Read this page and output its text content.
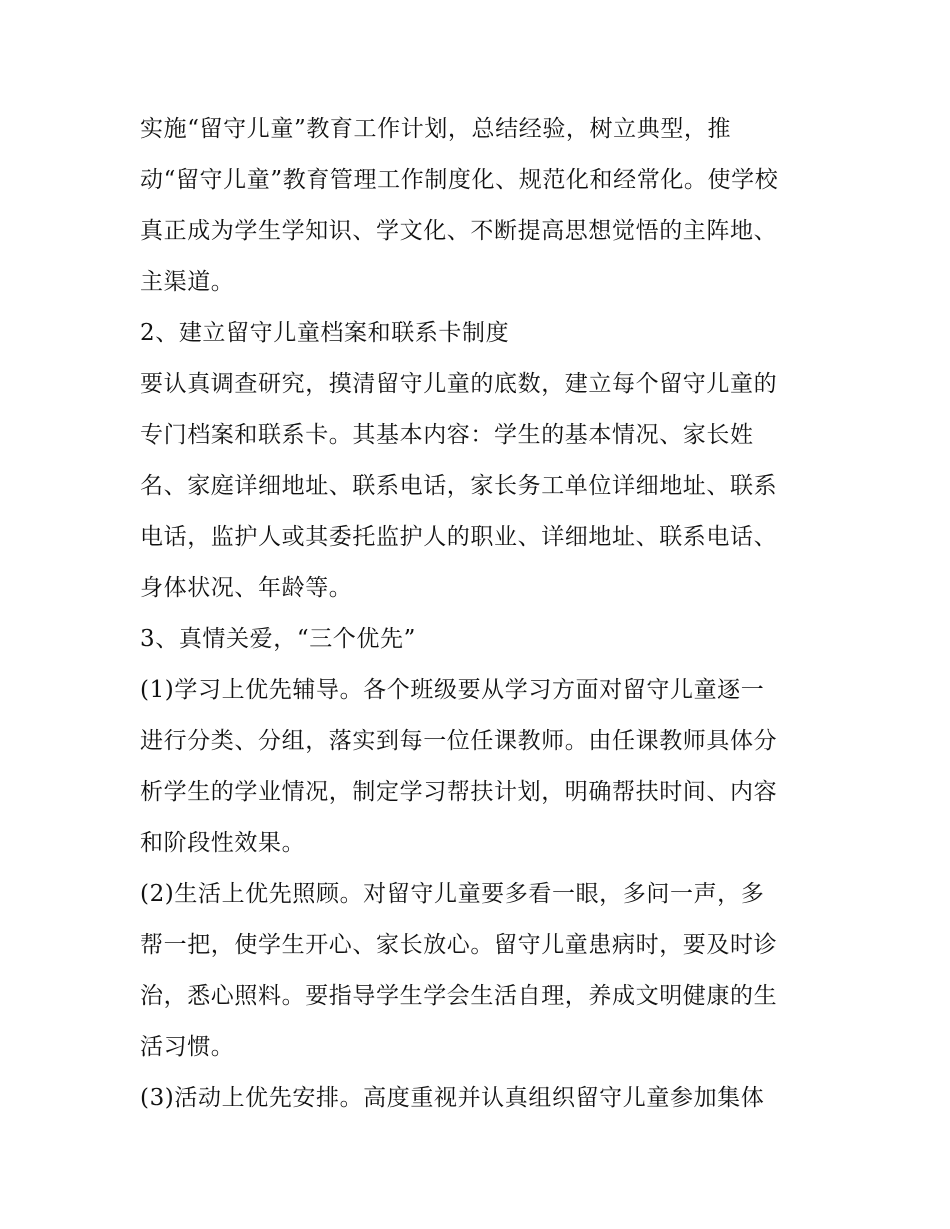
实施“留守儿童”教育工作计划，总结经验，树立典型，推
动“留守儿童”教育管理工作制度化、规范化和经常化。使学校
真正成为学生学知识、学文化、不断提高思想觉悟的主阵地、
主渠道。
2、建立留守儿童档案和联系卡制度
要认真调查研究，摸清留守儿童的底数，建立每个留守儿童的
专门档案和联系卡。其基本内容：学生的基本情况、家长姓
名、家庭详细地址、联系电话，家长务工单位详细地址、联系
电话，监护人或其委托监护人的职业、详细地址、联系电话、
身体状况、年龄等。
3、真情关爱，“三个优先”
(1)学习上优先辅导。各个班级要从学习方面对留守儿童逐一
进行分类、分组，落实到每一位任课教师。由任课教师具体分
析学生的学业情况，制定学习帮扶计划，明确帮扶时间、内容
和阶段性效果。
(2)生活上优先照顾。对留守儿童要多看一眼，多问一声，多
帮一把，使学生开心、家长放心。留守儿童患病时，要及时诊
治，悉心照料。要指导学生学会生活自理，养成文明健康的生
活习惯。
(3)活动上优先安排。高度重视并认真组织留守儿童参加集体
